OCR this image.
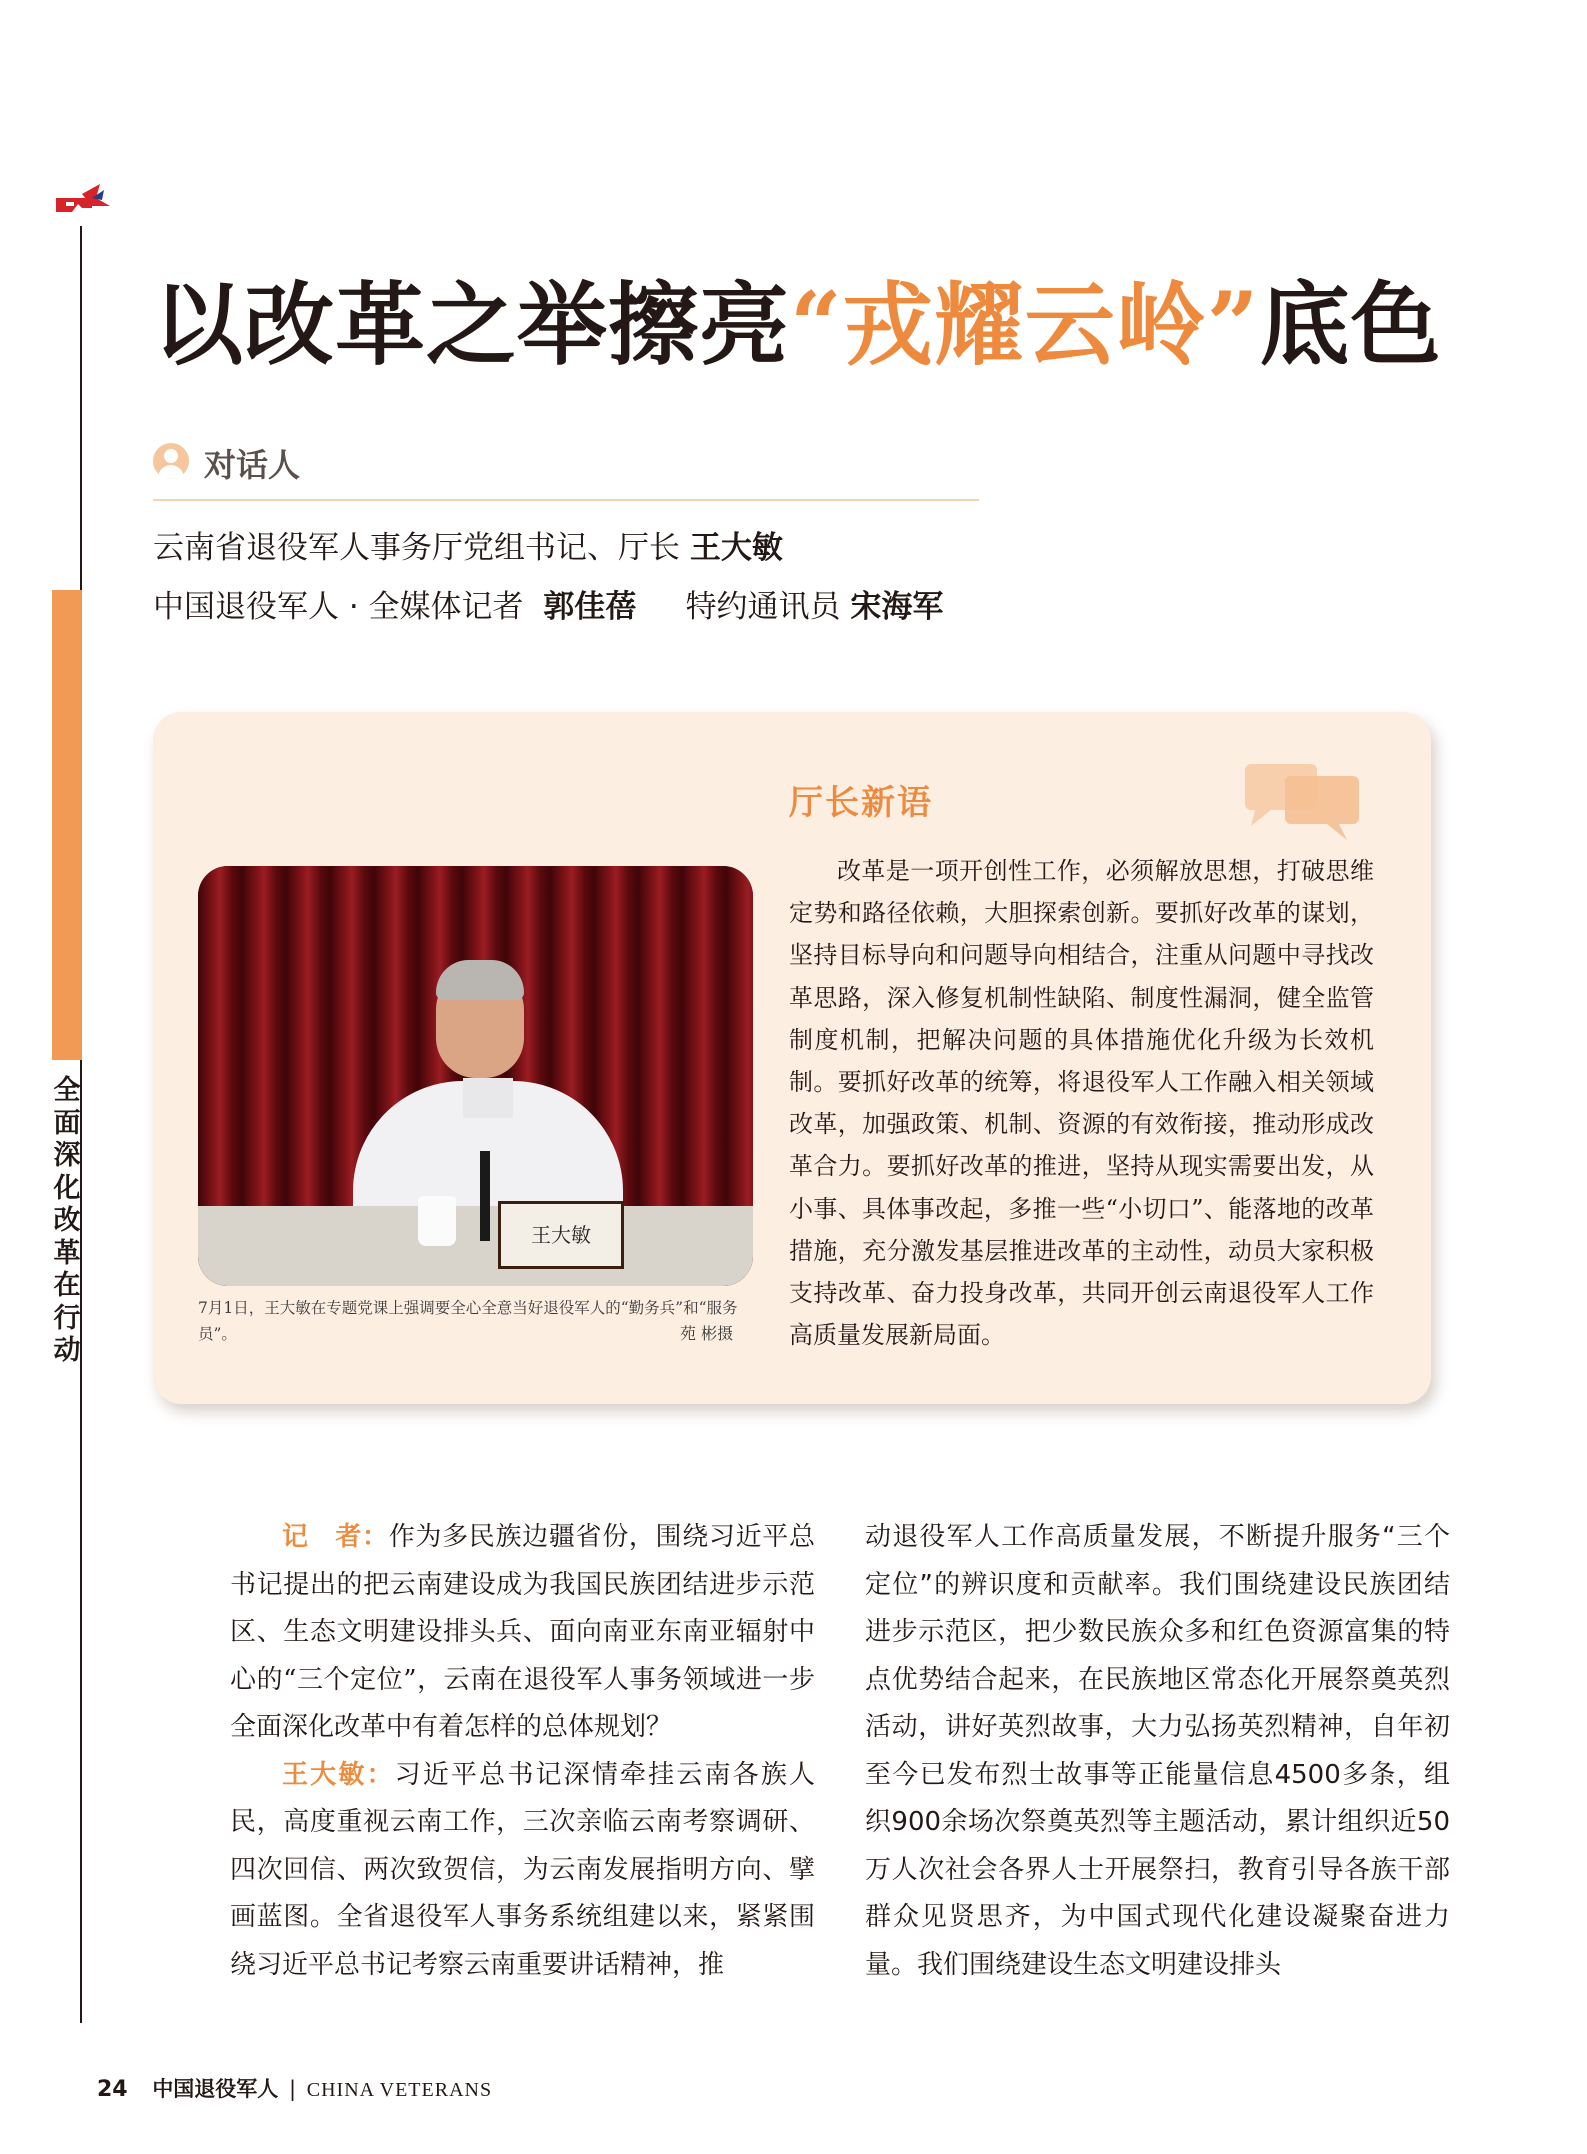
全面深化改革在行动
以改革之举擦亮“戎耀云岭”底色
对话人
云南省退役军人事务厅党组书记、厅长 王大敏
中国退役军人 · 全媒体记者 郭佳蓓 特约通讯员 宋海军
王大敏
7月1日，王大敏在专题党课上强调要全心全意当好退役军人的“勤务兵”和“服务员”。	苑 彬摄
厅长新语
改革是一项开创性工作，必须解放思想，打破思维定势和路径依赖，大胆探索创新。要抓好改革的谋划，坚持目标导向和问题导向相结合，注重从问题中寻找改革思路，深入修复机制性缺陷、制度性漏洞，健全监管制度机制，把解决问题的具体措施优化升级为长效机制。要抓好改革的统筹，将退役军人工作融入相关领域改革，加强政策、机制、资源的有效衔接，推动形成改革合力。要抓好改革的推进，坚持从现实需要出发，从小事、具体事改起，多推一些“小切口”、能落地的改革措施，充分激发基层推进改革的主动性，动员大家积极支持改革、奋力投身改革，共同开创云南退役军人工作高质量发展新局面。

记　者：作为多民族边疆省份，围绕习近平总书记提出的把云南建设成为我国民族团结进步示范区、生态文明建设排头兵、面向南亚东南亚辐射中心的“三个定位”，云南在退役军人事务领域进一步全面深化改革中有着怎样的总体规划？

王大敏：习近平总书记深情牵挂云南各族人民，高度重视云南工作，三次亲临云南考察调研、四次回信、两次致贺信，为云南发展指明方向、擘画蓝图。全省退役军人事务系统组建以来，紧紧围绕习近平总书记考察云南重要讲话精神，推

动退役军人工作高质量发展，不断提升服务“三个定位”的辨识度和贡献率。我们围绕建设民族团结进步示范区，把少数民族众多和红色资源富集的特点优势结合起来，在民族地区常态化开展祭奠英烈活动，讲好英烈故事，大力弘扬英烈精神，自年初至今已发布烈士故事等正能量信息4500多条，组织900余场次祭奠英烈等主题活动，累计组织近50万人次社会各界人士开展祭扫，教育引导各族干部群众见贤思齐，为中国式现代化建设凝聚奋进力量。我们围绕建设生态文明建设排头

24 中国退役军人 | CHINA VETERANS
